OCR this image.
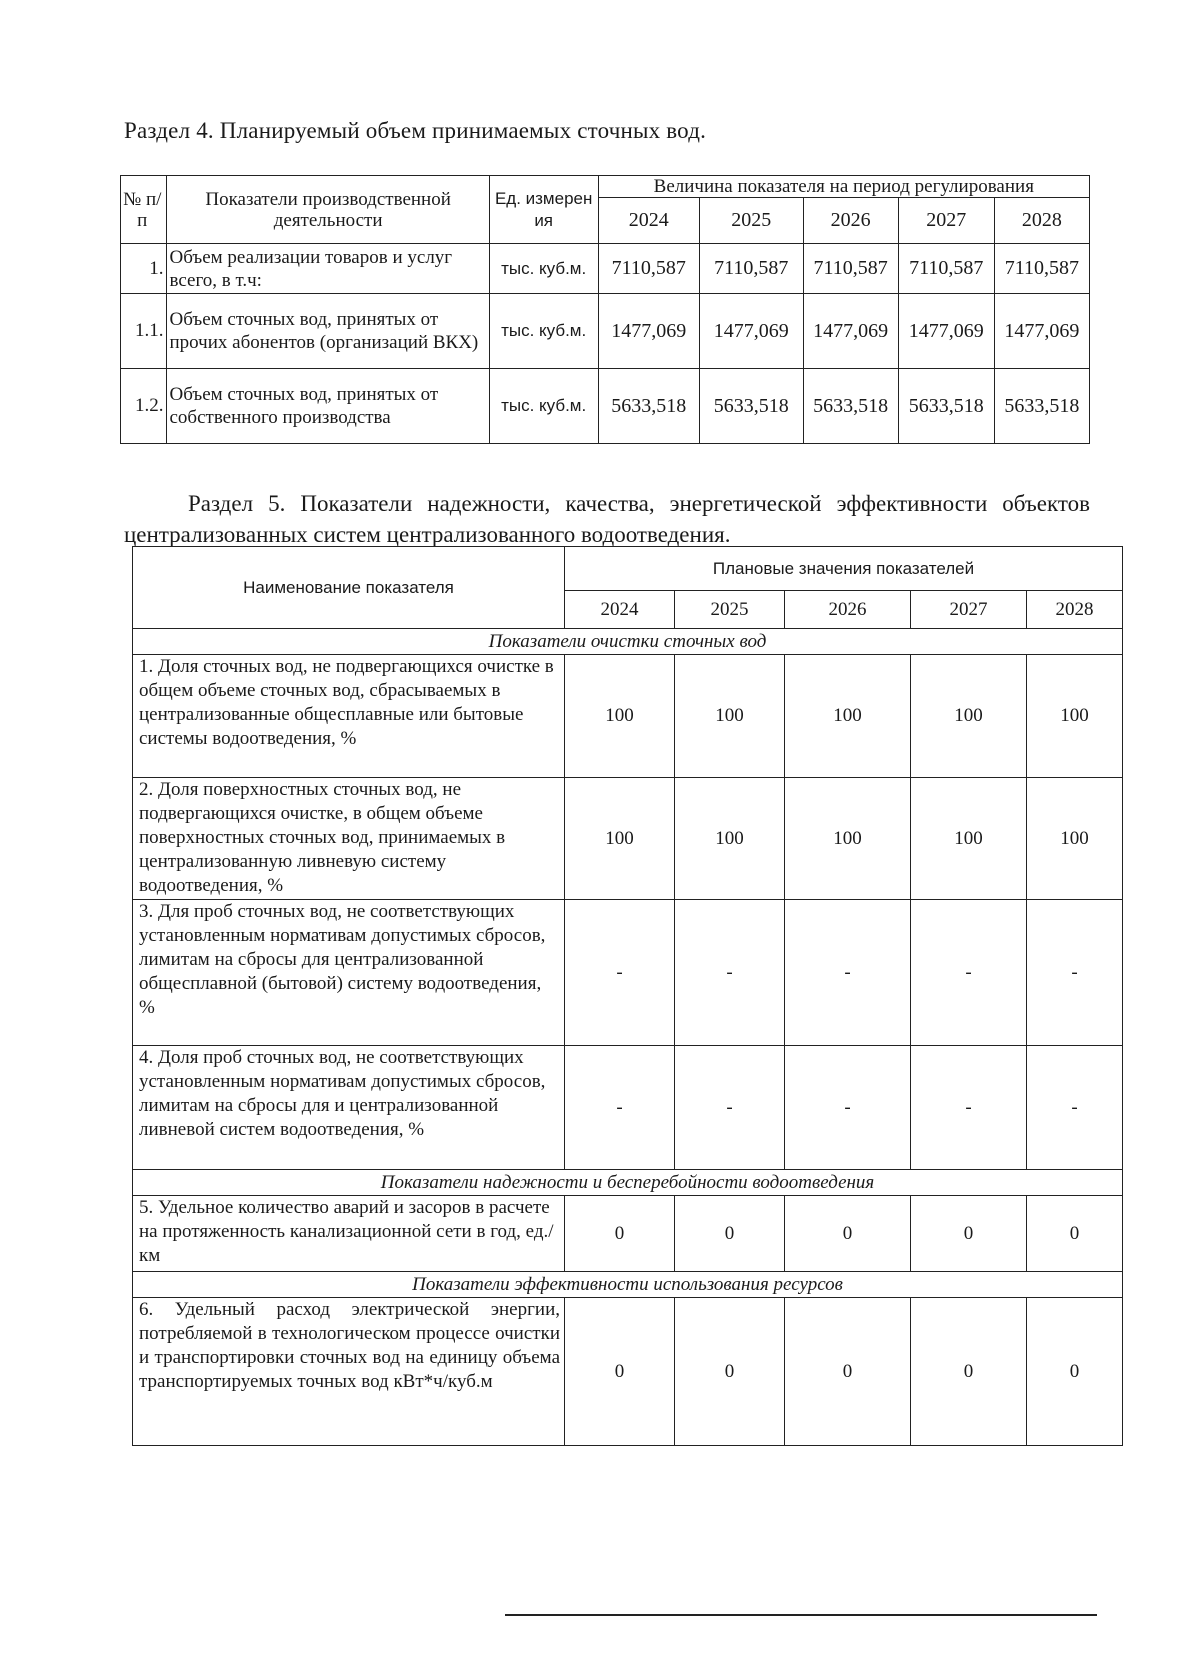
Раздел 4. Планируемый объем принимаемых сточных вод.
№ п/п	Показатели производственной деятельности	Ед. измерен ия	Величина показателя на период регулирования				
			2024	2025	2026	2027	2028
1.	Объем реализации товаров и услуг всего, в т.ч:	тыс. куб.м.	7110,587	7110,587	7110,587	7110,587	7110,587
1.1.	Объем сточных вод, принятых от прочих абонентов (организаций ВКХ)	тыс. куб.м.	1477,069	1477,069	1477,069	1477,069	1477,069
1.2.	Объем сточных вод, принятых от собственного производства	тыс. куб.м.	5633,518	5633,518	5633,518	5633,518	5633,518
Раздел 5. Показатели надежности, качества, энергетической эффективности объектов централизованных систем централизованного водоотведения.
Наименование показателя	Плановые значения показателей				
	2024	2025	2026	2027	2028
Показатели очистки сточных вод					
1. Доля сточных вод, не подвергающихся очистке в общем объеме сточных вод, сбрасываемых в централизованные общесплавные или бытовые системы водоотведения, %	100	100	100	100	100
2. Доля поверхностных сточных вод, не подвергающихся очистке, в общем объеме поверхностных сточных вод, принимаемых в централизованную ливневую систему водоотведения, %	100	100	100	100	100
3. Для проб сточных вод, не соответствующих установленным нормативам допустимых сбросов, лимитам на сбросы для централизованной общесплавной (бытовой) систему водоотведения, %	-	-	-	-	-
4. Доля проб сточных вод, не соответствующих установленным нормативам допустимых сбросов, лимитам на сбросы для и централизованной ливневой систем водоотведения, %	-	-	-	-	-
Показатели надежности и бесперебойности водоотведения					
5. Удельное количество аварий и засоров в расчете на протяженность канализационной сети в год, ед./км	0	0	0	0	0
Показатели эффективности использования ресурсов					
6. Удельный расход электрической энергии, потребляемой в технологическом процессе очистки и транспортировки сточных вод на единицу объема транспортируемых точных вод кВт*ч/куб.м	0	0	0	0	0
